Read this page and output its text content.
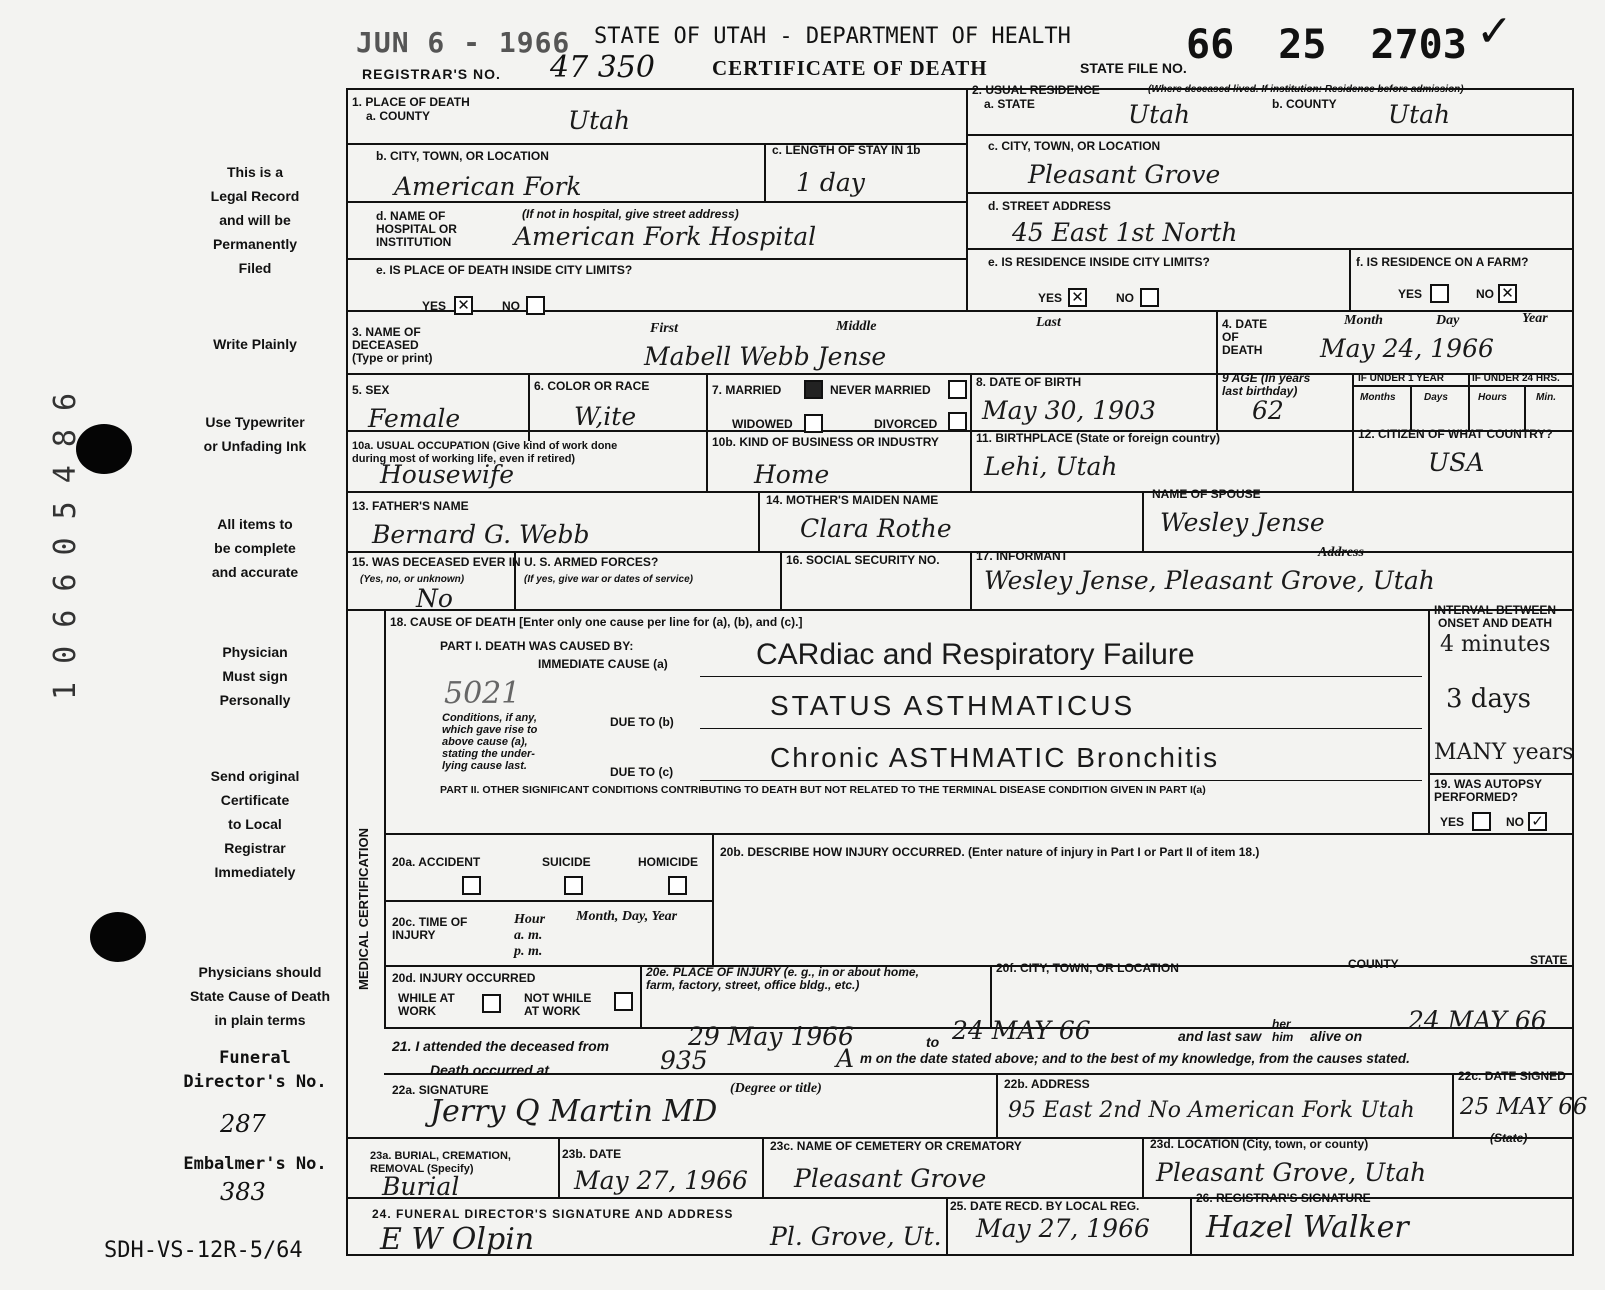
JUN 6 - 1966 STATE OF UTAH - DEPARTMENT OF HEALTH
REGISTRAR'S NO. 47 350	CERTIFICATE OF DEATH	STATE FILE NO. 66 25 2703 ✓
This is a
Legal Record
and will be
Permanently
Filed
Write Plainly
Use Typewriter
or Unfading Ink
All items to
be complete
and accurate
Physician
Must sign
Personally
Send original
Certificate
to Local
Registrar
Immediately
Physicians should
State Cause of Death
in plain terms
Funeral
Director's No.
287
Embalmer's No.
383
SDH-VS-12R-5/64
1 0 6 6 0 5 4 8 6
1. PLACE OF DEATH
a. COUNTY	Utah
b. CITY, TOWN, OR LOCATION
American Fork
c. LENGTH OF STAY IN 1b
1 day
d. NAME OF
HOSPITAL OR
INSTITUTION
(If not in hospital, give street address)
American Fork Hospital
e. IS PLACE OF DEATH INSIDE CITY LIMITS?
YES ✕	NO
2. USUAL RESIDENCE	(Where deceased lived. If institution: Residence before admission)
a. STATE	Utah	b. COUNTY Utah
c. CITY, TOWN, OR LOCATION
Pleasant Grove
d. STREET ADDRESS
45 East 1st North
e. IS RESIDENCE INSIDE CITY LIMITS?
YES ✕	NO
f. IS RESIDENCE ON A FARM?
YES	NO ✕
3. NAME OF
DECEASED
(Type or print)
First	Middle	Last
Mabell Webb Jense
4. DATE
OF
DEATH
Month	Day	Year
May 24, 1966
5. SEX
Female
6. COLOR OR RACE
W,ite
7. MARRIED	NEVER MARRIED
WIDOWED	DIVORCED
8. DATE OF BIRTH
May 30, 1903
9 AGE (In years
last birthday)
62
IF UNDER 1 YEAR	IF UNDER 24 HRS.
Months	Days	Hours	Min.
10a. USUAL OCCUPATION (Give kind of work done
during most of working life, even if retired)
Housewife
10b. KIND OF BUSINESS OR INDUSTRY
Home
11. BIRTHPLACE (State or foreign country)
Lehi, Utah
12. CITIZEN OF WHAT COUNTRY?
USA
13. FATHER'S NAME
Bernard G. Webb
14. MOTHER'S MAIDEN NAME
Clara Rothe
NAME OF SPOUSE
Wesley Jense
15. WAS DECEASED EVER IN U. S. ARMED FORCES?
(Yes, no, or unknown)	(If yes, give war or dates of service)
No
16. SOCIAL SECURITY NO.	17. INFORMANT	Address
Wesley Jense, Pleasant Grove, Utah
MEDICAL CERTIFICATION
18. CAUSE OF DEATH [Enter only one cause per line for (a), (b), and (c).]
PART I. DEATH WAS CAUSED BY:
IMMEDIATE CAUSE (a)	CARdiac and Respiratory Failure
5021
Conditions, if any,
which gave rise to
above cause (a),
stating the under-
lying cause last.
DUE TO (b)
STATUS ASTHMATICUS
DUE TO (c)	Chronic ASTHMATIC Bronchitis
INTERVAL BETWEEN
ONSET AND DEATH
4 minutes
3 days
MANY years
PART II. OTHER SIGNIFICANT CONDITIONS CONTRIBUTING TO DEATH BUT NOT RELATED TO THE TERMINAL DISEASE CONDITION GIVEN IN PART I(a)	19. WAS AUTOPSY
PERFORMED?
YES	NO ✓
20a. ACCIDENT	SUICIDE	HOMICIDE
20b. DESCRIBE HOW INJURY OCCURRED. (Enter nature of injury in Part I or Part II of item 18.)
20c. TIME OF
INJURY
Hour
a. m.
p. m.
Month, Day, Year
20d. INJURY OCCURRED
WHILE AT
WORK
NOT WHILE
AT WORK
20e. PLACE OF INJURY (e. g., in or about home,
farm, factory, street, office bldg., etc.)
20f. CITY, TOWN, OR LOCATION	COUNTY	STATE
21. I attended the deceased from	29 May 1966	to 24 MAY 66	and last saw
her
him alive on
24 MAY 66
Death occurred at	935	A m on the date stated above; and to the best of my knowledge, from the causes stated.
22a. SIGNATURE	(Degree or title)
Jerry Q Martin MD
22b. ADDRESS
95 East 2nd No American Fork Utah
22c. DATE SIGNED
25 MAY 66
23a. BURIAL, CREMATION,
REMOVAL (Specify)
Burial
23b. DATE
May 27, 1966
23c. NAME OF CEMETERY OR CREMATORY
Pleasant Grove
23d. LOCATION (City, town, or county)	(State)
Pleasant Grove, Utah
24. FUNERAL DIRECTOR'S SIGNATURE AND ADDRESS
E W Olpin	Pl. Grove, Ut.
25. DATE RECD. BY LOCAL REG.
May 27, 1966
26. REGISTRAR'S SIGNATURE
Hazel Walker
